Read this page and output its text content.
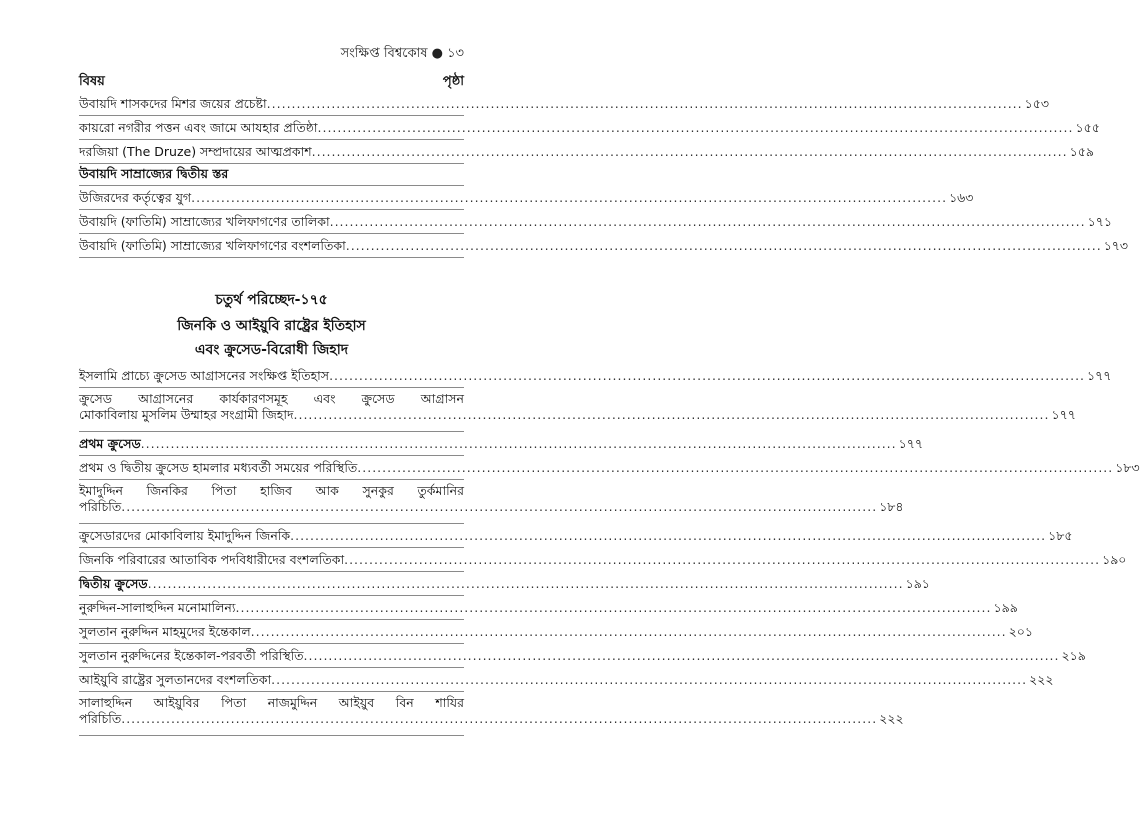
সংক্ষিপ্ত বিশ্বকোষ ● ১৩
বিষয়	পৃষ্ঠা
উবায়দি শাসকদের মিশর জয়ের প্রচেষ্টা ........................................................................................................................................................ ১৫৩
কায়রো নগরীর পত্তন এবং জামে আযহার প্রতিষ্ঠা ........................................................................................................................................................ ১৫৫
দরজিয়া (The Druze) সম্প্রদায়ের আত্মপ্রকাশ ........................................................................................................................................................ ১৫৯
উবায়দি সাম্রাজ্যের দ্বিতীয় স্তর
উজিরদের কর্তৃত্বের যুগ ........................................................................................................................................................ ১৬৩
উবায়দি (ফাতিমি) সাম্রাজ্যের খলিফাগণের তালিকা ........................................................................................................................................................ ১৭১
উবায়দি (ফাতিমি) সাম্রাজ্যের খলিফাগণের বংশলতিকা ........................................................................................................................................................ ১৭৩
চতুর্থ পরিচ্ছেদ-১৭৫
জিনকি ও আইয়ুবি রাষ্ট্রের ইতিহাস
এবং ক্রুসেড-বিরোধী জিহাদ
ইসলামি প্রাচ্যে ক্রুসেড আগ্রাসনের সংক্ষিপ্ত ইতিহাস ........................................................................................................................................................ ১৭৭
ক্রুসেড আগ্রাসনের কার্যকারণসমূহ এবং ক্রুসেড আগ্রাসন
মোকাবিলায় মুসলিম উম্মাহর সংগ্রামী জিহাদ ........................................................................................................................................................ ১৭৭
প্রথম ক্রুসেড ........................................................................................................................................................ ১৭৭
প্রথম ও দ্বিতীয় ক্রুসেড হামলার মধ্যবর্তী সময়ের পরিস্থিতি ........................................................................................................................................................ ১৮৩
ইমাদুদ্দিন জিনকির পিতা হাজিব আক সুনকুর তুর্কমানির
পরিচিতি ........................................................................................................................................................ ১৮৪
ক্রুসেডারদের মোকাবিলায় ইমাদুদ্দিন জিনকি ........................................................................................................................................................ ১৮৫
জিনকি পরিবারের আতাবিক পদবিধারীদের বংশলতিকা ........................................................................................................................................................ ১৯০
দ্বিতীয় ক্রুসেড ........................................................................................................................................................ ১৯১
নুরুদ্দিন-সালাহুদ্দিন মনোমালিন্য ........................................................................................................................................................ ১৯৯
সুলতান নুরুদ্দিন মাহমুদের ইন্তেকাল ........................................................................................................................................................ ২০১
সুলতান নুরুদ্দিনের ইন্তেকাল-পরবর্তী পরিস্থিতি ........................................................................................................................................................ ২১৯
আইয়ুবি রাষ্ট্রের সুলতানদের বংশলতিকা ........................................................................................................................................................ ২২২
সালাহুদ্দিন আইয়ুবির পিতা নাজমুদ্দিন আইয়ুব বিন শাযির
পরিচিতি ........................................................................................................................................................ ২২২
